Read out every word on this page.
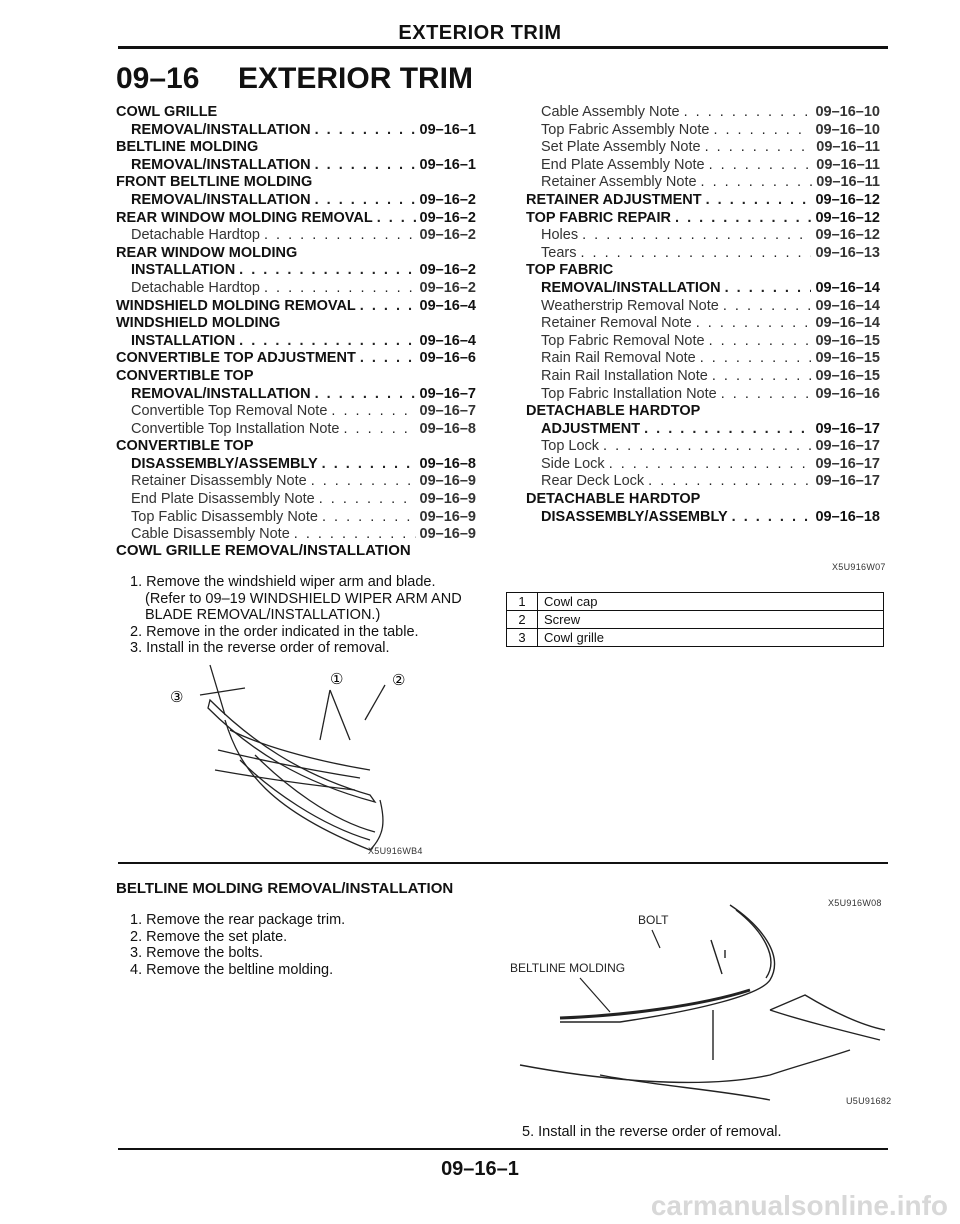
EXTERIOR TRIM
09–16 EXTERIOR TRIM
COWL GRILLE
REMOVAL/INSTALLATION . . .	09–16–1
BELTLINE MOLDING
REMOVAL/INSTALLATION . . .	09–16–1
FRONT BELTLINE MOLDING
REMOVAL/INSTALLATION . . .	09–16–2
REAR WINDOW MOLDING REMOVAL . . .	09–16–2
Detachable Hardtop . . .	09–16–2
REAR WINDOW MOLDING
INSTALLATION . . .	09–16–2
Detachable Hardtop . . .	09–16–2
WINDSHIELD MOLDING REMOVAL . . .	09–16–4
WINDSHIELD MOLDING
INSTALLATION . . .	09–16–4
CONVERTIBLE TOP ADJUSTMENT . . .	09–16–6
CONVERTIBLE TOP
REMOVAL/INSTALLATION . . .	09–16–7
Convertible Top Removal Note . . .	09–16–7
Convertible Top Installation Note . . .	09–16–8
CONVERTIBLE TOP
DISASSEMBLY/ASSEMBLY . . .	09–16–8
Retainer Disassembly Note . . .	09–16–9
End Plate Disassembly Note . . .	09–16–9
Top Fablic Disassembly Note . . .	09–16–9
Cable Disassembly Note . . .	09–16–9
Cable Assembly Note . . .	09–16–10
Top Fabric Assembly Note . . .	09–16–10
Set Plate Assembly Note . . .	09–16–11
End Plate Assembly Note . . .	09–16–11
Retainer Assembly Note . . .	09–16–11
RETAINER ADJUSTMENT . . .	09–16–12
TOP FABRIC REPAIR . . .	09–16–12
Holes . . .	09–16–12
Tears . . .	09–16–13
TOP FABRIC
REMOVAL/INSTALLATION . . .	09–16–14
Weatherstrip Removal Note . . .	09–16–14
Retainer Removal Note . . .	09–16–14
Top Fabric Removal Note . . .	09–16–15
Rain Rail Removal Note . . .	09–16–15
Rain Rail Installation Note . . .	09–16–15
Top Fabric Installation Note . . .	09–16–16
DETACHABLE HARDTOP
ADJUSTMENT . . .	09–16–17
Top Lock . . .	09–16–17
Side Lock . . .	09–16–17
Rear Deck Lock . . .	09–16–17
DETACHABLE HARDTOP
DISASSEMBLY/ASSEMBLY . . .	09–16–18
COWL GRILLE REMOVAL/INSTALLATION
1. Remove the windshield wiper arm and blade.
(Refer to 09–19 WINDSHIELD WIPER ARM AND
BLADE REMOVAL/INSTALLATION.)
2. Remove in the order indicated in the table.
3. Install in the reverse order of removal.
X5U916W07
1	Cowl cap
2	Screw
3	Cowl grille
③
①	②
X5U916WB4
BELTLINE MOLDING REMOVAL/INSTALLATION
X5U916W08
1. Remove the rear package trim.
2. Remove the set plate.
3. Remove the bolts.
4. Remove the beltline molding.
BOLT
BELTLINE MOLDING
U5U91682
5. Install in the reverse order of removal.
09–16–1
carmanualsonline.info
